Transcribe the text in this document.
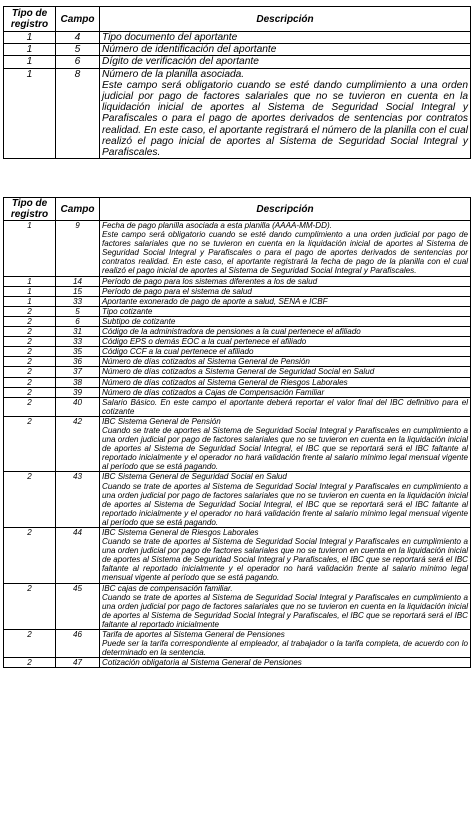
Tipo de registro	Campo	Descripción
1	4	Tipo documento del aportante
1	5	Número de identificación del aportante
1	6	Dígito de verificación del aportante
1	8	Número de la planilla asociada.
Este campo será obligatorio cuando se esté dando cumplimiento a una orden judicial por pago de factores salariales que no se tuvieron en cuenta en la liquidación inicial de aportes al Sistema de Seguridad Social Integral y Parafiscales o para el pago de aportes derivados de sentencias por contratos realidad. En este caso, el aportante registrará el número de la planilla con el cual realizó el pago inicial de aportes al Sistema de Seguridad Social Integral y Parafiscales.
Tipo de registro	Campo	Descripción
1	9	Fecha de pago planilla asociada a esta planilla (AAAA-MM-DD).
Este campo será obligatorio cuando se esté dando cumplimiento a una orden judicial por pago de factores salariales que no se tuvieron en cuenta en la liquidación inicial de aportes al Sistema de Seguridad Social Integral y Parafiscales o para el pago de aportes derivados de sentencias por contratos realidad. En este caso, el aportante registrará la fecha de pago de la planilla con el cual realizó el pago inicial de aportes al Sistema de Seguridad Social Integral y Parafiscales.
1	14	Período de pago para los sistemas diferentes a los de salud
1	15	Período de pago para el sistema de salud
1	33	Aportante exonerado de pago de aporte a salud, SENA e ICBF
2	5	Tipo cotizante
2	6	Subtipo de cotizante
2	31	Código de la administradora de pensiones a la cual pertenece el afiliado
2	33	Código EPS o demás EOC a la cual pertenece el afiliado
2	35	Código CCF a la cual pertenece el afiliado
2	36	Número de días cotizados al Sistema General de Pensión
2	37	Número de días cotizados a Sistema General de Seguridad Social en Salud
2	38	Número de días cotizados al Sistema General de Riesgos Laborales
2	39	Número de días cotizados a Cajas de Compensación Familiar
2	40	Salario Básico. En este campo el aportante deberá reportar el valor final del IBC definitivo para el cotizante
2	42	IBC Sistema General de Pensión
Cuando se trate de aportes al Sistema de Seguridad Social Integral y Parafiscales en cumplimiento a una orden judicial por pago de factores salariales que no se tuvieron en cuenta en la liquidación inicial de aportes al Sistema de Seguridad Social Integral, el IBC que se reportará será el IBC faltante al reportado inicialmente y el operador no hará validación frente al salario mínimo legal mensual vigente al período que se está pagando.
2	43	IBC Sistema General de Seguridad Social en Salud
Cuando se trate de aportes al Sistema de Seguridad Social Integral y Parafiscales en cumplimiento a una orden judicial por pago de factores salariales que no se tuvieron en cuenta en la liquidación inicial de aportes al Sistema de Seguridad Social Integral, el IBC que se reportará será el IBC faltante al reportado inicialmente y el operador no hará validación frente al salario mínimo legal mensual vigente al período que se está pagando.
2	44	IBC Sistema General de Riesgos Laborales
Cuando se trate de aportes al Sistema de Seguridad Social Integral y Parafiscales en cumplimiento a una orden judicial por pago de factores salariales que no se tuvieron en cuenta en la liquidación inicial de aportes al Sistema de Seguridad Social Integral y Parafiscales, el IBC que se reportará será el IBC faltante al reportado inicialmente y el operador no hará validación frente al salario mínimo legal mensual vigente al período que se está pagando.
2	45	IBC cajas de compensación familiar.
Cuando se trate de aportes al Sistema de Seguridad Social Integral y Parafiscales en cumplimiento a una orden judicial por pago de factores salariales que no se tuvieron en cuenta en la liquidación inicial de aportes al Sistema de Seguridad Social Integral y Parafiscales, el IBC que se reportará será el IBC faltante al reportado inicialmente
2	46	Tarifa de aportes al Sistema General de Pensiones
Puede ser la tarifa correspondiente al empleador, al trabajador o la tarifa completa, de acuerdo con lo determinado en la sentencia.
2	47	Cotización obligatoria al Sistema General de Pensiones
